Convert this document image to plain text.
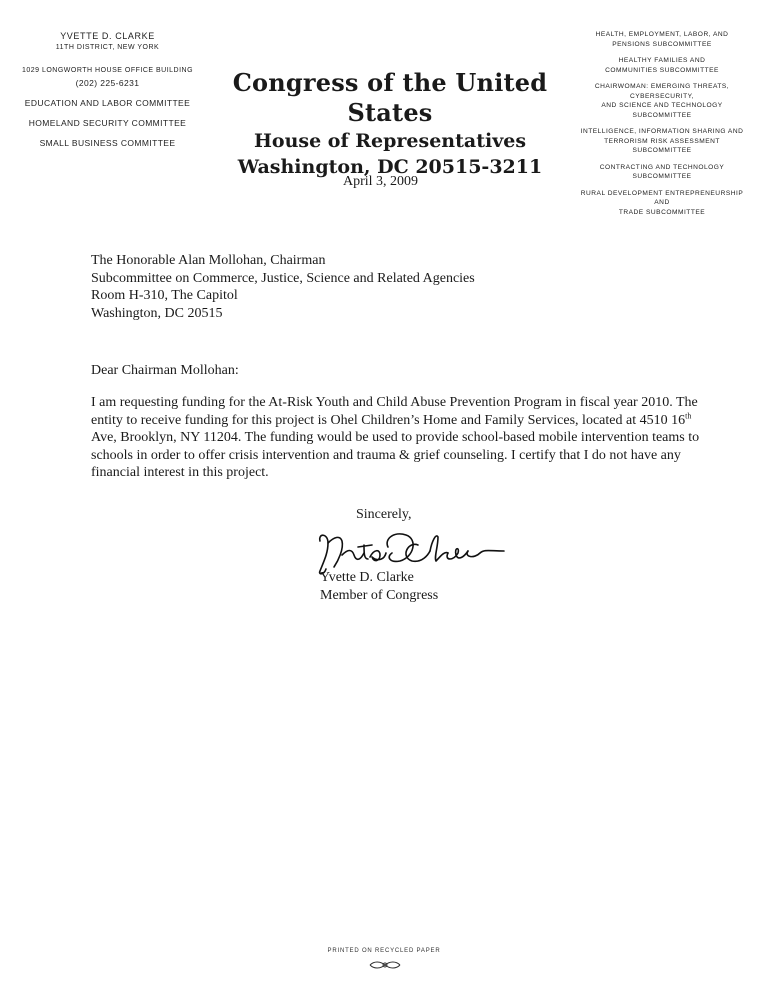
YVETTE D. CLARKE
11TH DISTRICT, NEW YORK
1029 LONGWORTH HOUSE OFFICE BUILDING
(202) 225-6231
EDUCATION AND LABOR COMMITTEE
HOMELAND SECURITY COMMITTEE
SMALL BUSINESS COMMITTEE
Congress of the United States
House of Representatives
Washington, DC 20515-3211
HEALTH, EMPLOYMENT, LABOR, AND
PENSIONS SUBCOMMITTEE
HEALTHY FAMILIES AND
COMMUNITIES SUBCOMMITTEE
CHAIRWOMAN: EMERGING THREATS,
CYBERSECURITY,
AND SCIENCE AND TECHNOLOGY SUBCOMMITTEE
INTELLIGENCE, INFORMATION SHARING AND
TERRORISM RISK ASSESSMENT SUBCOMMITTEE
CONTRACTING AND TECHNOLOGY
SUBCOMMITTEE
RURAL DEVELOPMENT ENTREPRENEURSHIP AND
TRADE SUBCOMMITTEE
April 3, 2009
The Honorable Alan Mollohan, Chairman
Subcommittee on Commerce, Justice, Science and Related Agencies
Room H-310, The Capitol
Washington, DC 20515
Dear Chairman Mollohan:
I am requesting funding for the At-Risk Youth and Child Abuse Prevention Program in fiscal year 2010. The entity to receive funding for this project is Ohel Children’s Home and Family Services, located at 4510 16th Ave, Brooklyn, NY 11204. The funding would be used to provide school-based mobile intervention teams to schools in order to offer crisis intervention and trauma & grief counseling. I certify that I do not have any financial interest in this project.
Sincerely,
Yvette D. Clarke
Member of Congress
PRINTED ON RECYCLED PAPER
